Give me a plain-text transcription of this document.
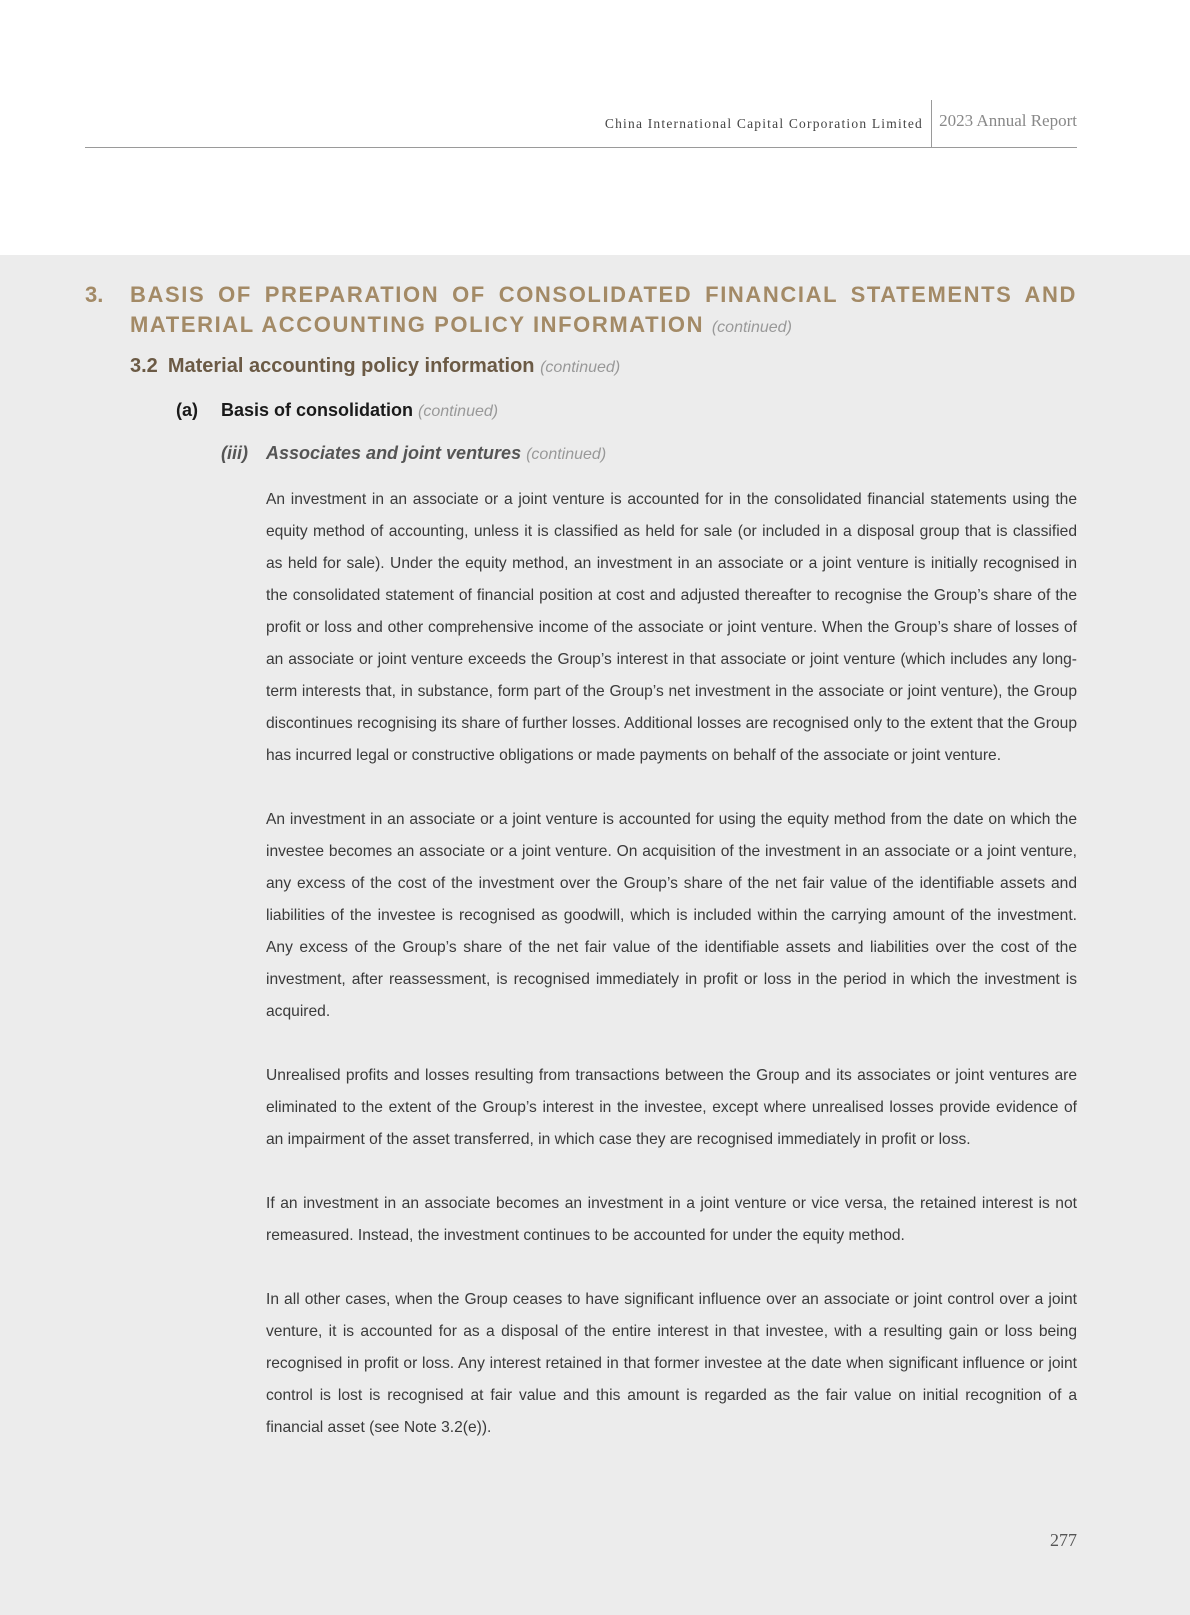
China International Capital Corporation Limited 2023 Annual Report
3. BASIS OF PREPARATION OF CONSOLIDATED FINANCIAL STATEMENTS AND MATERIAL ACCOUNTING POLICY INFORMATION (continued)
3.2 Material accounting policy information (continued)
(a) Basis of consolidation (continued)
(iii) Associates and joint ventures (continued)

An investment in an associate or a joint venture is accounted for in the consolidated financial statements using the equity method of accounting, unless it is classified as held for sale (or included in a disposal group that is classified as held for sale). Under the equity method, an investment in an associate or a joint venture is initially recognised in the consolidated statement of financial position at cost and adjusted thereafter to recognise the Group’s share of the profit or loss and other comprehensive income of the associate or joint venture. When the Group’s share of losses of an associate or joint venture exceeds the Group’s interest in that associate or joint venture (which includes any long-term interests that, in substance, form part of the Group’s net investment in the associate or joint venture), the Group discontinues recognising its share of further losses. Additional losses are recognised only to the extent that the Group has incurred legal or constructive obligations or made payments on behalf of the associate or joint venture.

An investment in an associate or a joint venture is accounted for using the equity method from the date on which the investee becomes an associate or a joint venture. On acquisition of the investment in an associate or a joint venture, any excess of the cost of the investment over the Group’s share of the net fair value of the identifiable assets and liabilities of the investee is recognised as goodwill, which is included within the carrying amount of the investment. Any excess of the Group’s share of the net fair value of the identifiable assets and liabilities over the cost of the investment, after reassessment, is recognised immediately in profit or loss in the period in which the investment is acquired.

Unrealised profits and losses resulting from transactions between the Group and its associates or joint ventures are eliminated to the extent of the Group’s interest in the investee, except where unrealised losses provide evidence of an impairment of the asset transferred, in which case they are recognised immediately in profit or loss.

If an investment in an associate becomes an investment in a joint venture or vice versa, the retained interest is not remeasured. Instead, the investment continues to be accounted for under the equity method.

In all other cases, when the Group ceases to have significant influence over an associate or joint control over a joint venture, it is accounted for as a disposal of the entire interest in that investee, with a resulting gain or loss being recognised in profit or loss. Any interest retained in that former investee at the date when significant influence or joint control is lost is recognised at fair value and this amount is regarded as the fair value on initial recognition of a financial asset (see Note 3.2(e)).

277
